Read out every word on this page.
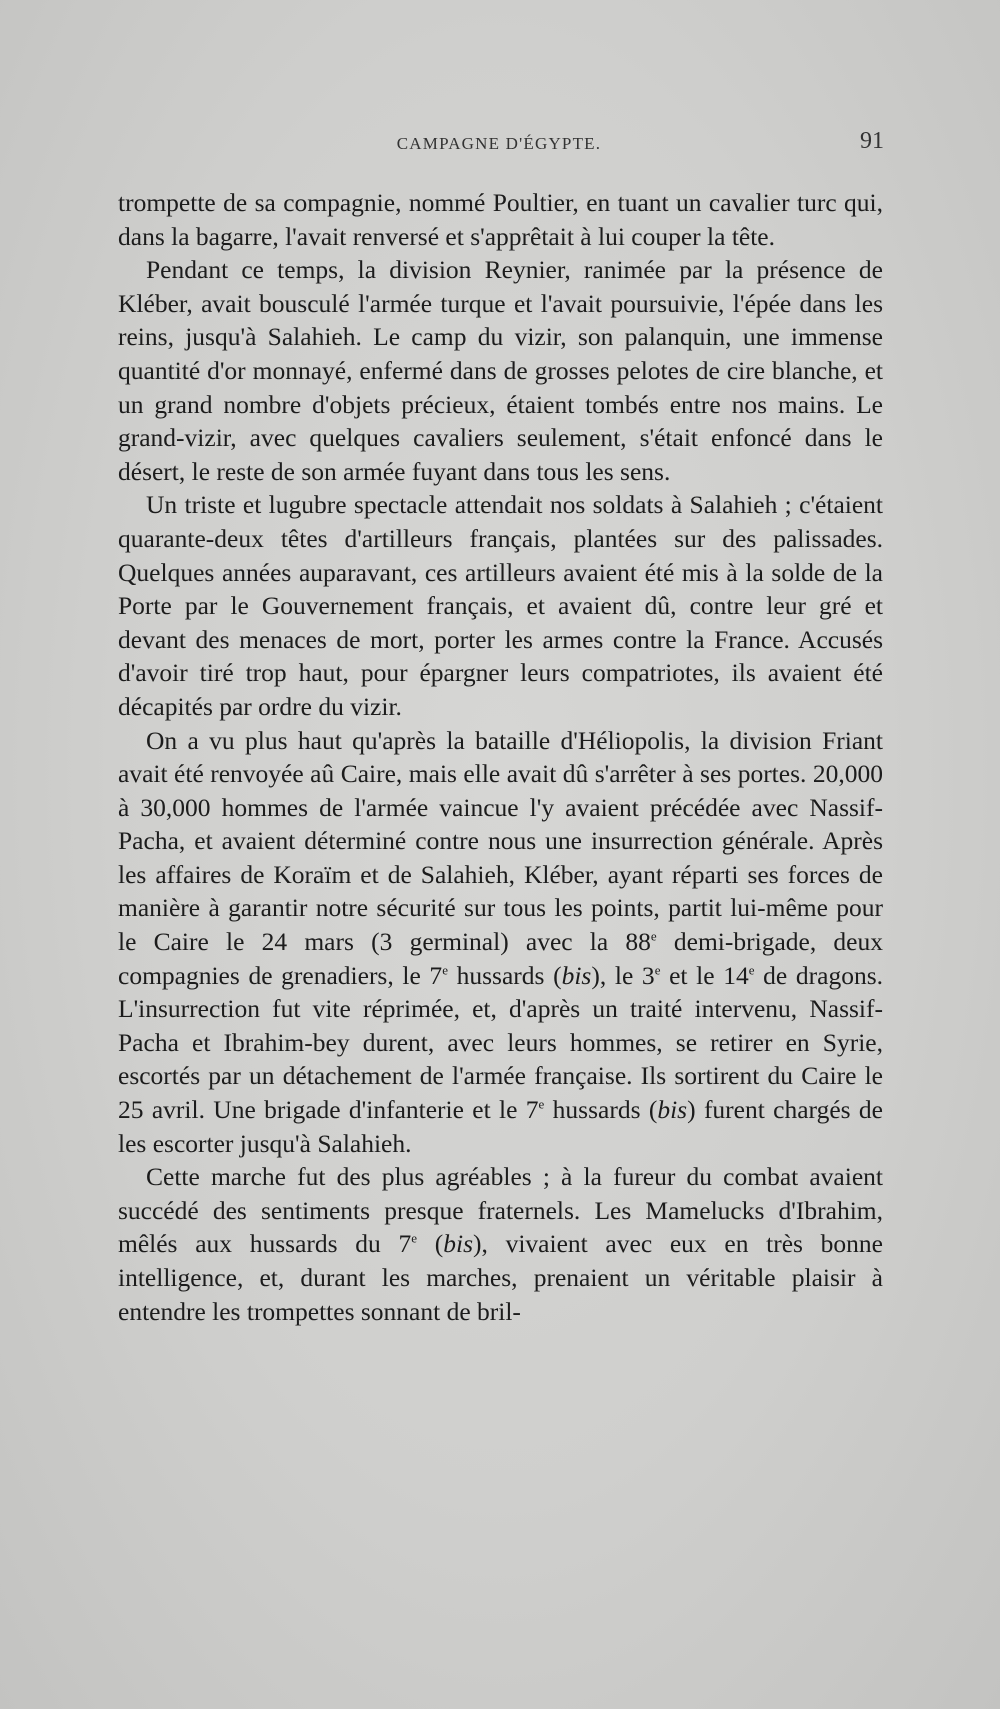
CAMPAGNE D'ÉGYPTE.	91

trompette de sa compagnie, nommé Poultier, en tuant un cavalier turc qui, dans la bagarre, l'avait renversé et s'apprêtait à lui couper la tête.

Pendant ce temps, la division Reynier, ranimée par la présence de Kléber, avait bousculé l'armée turque et l'avait poursuivie, l'épée dans les reins, jusqu'à Salahieh. Le camp du vizir, son palanquin, une immense quantité d'or monnayé, enfermé dans de grosses pelotes de cire blanche, et un grand nombre d'objets précieux, étaient tombés entre nos mains. Le grand-vizir, avec quelques cavaliers seulement, s'était enfoncé dans le désert, le reste de son armée fuyant dans tous les sens.

Un triste et lugubre spectacle attendait nos soldats à Salahieh ; c'étaient quarante-deux têtes d'artilleurs français, plantées sur des palissades. Quelques années auparavant, ces artilleurs avaient été mis à la solde de la Porte par le Gouvernement français, et avaient dû, contre leur gré et devant des menaces de mort, porter les armes contre la France. Accusés d'avoir tiré trop haut, pour épargner leurs compatriotes, ils avaient été décapités par ordre du vizir.

On a vu plus haut qu'après la bataille d'Héliopolis, la division Friant avait été renvoyée aû Caire, mais elle avait dû s'arrêter à ses portes. 20,000 à 30,000 hommes de l'armée vaincue l'y avaient précédée avec Nassif-Pacha, et avaient déterminé contre nous une insurrection générale. Après les affaires de Koraïm et de Salahieh, Kléber, ayant réparti ses forces de manière à garantir notre sécurité sur tous les points, partit lui-même pour le Caire le 24 mars (3 germinal) avec la 88e demi-brigade, deux compagnies de grenadiers, le 7e hussards (bis), le 3e et le 14e de dragons. L'insurrection fut vite réprimée, et, d'après un traité intervenu, Nassif-Pacha et Ibrahim-bey durent, avec leurs hommes, se retirer en Syrie, escortés par un détachement de l'armée française. Ils sortirent du Caire le 25 avril. Une brigade d'infanterie et le 7e hussards (bis) furent chargés de les escorter jusqu'à Salahieh.

Cette marche fut des plus agréables ; à la fureur du combat avaient succédé des sentiments presque fraternels. Les Mamelucks d'Ibrahim, mêlés aux hussards du 7e (bis), vivaient avec eux en très bonne intelligence, et, durant les marches, prenaient un véritable plaisir à entendre les trompettes sonnant de bril-
